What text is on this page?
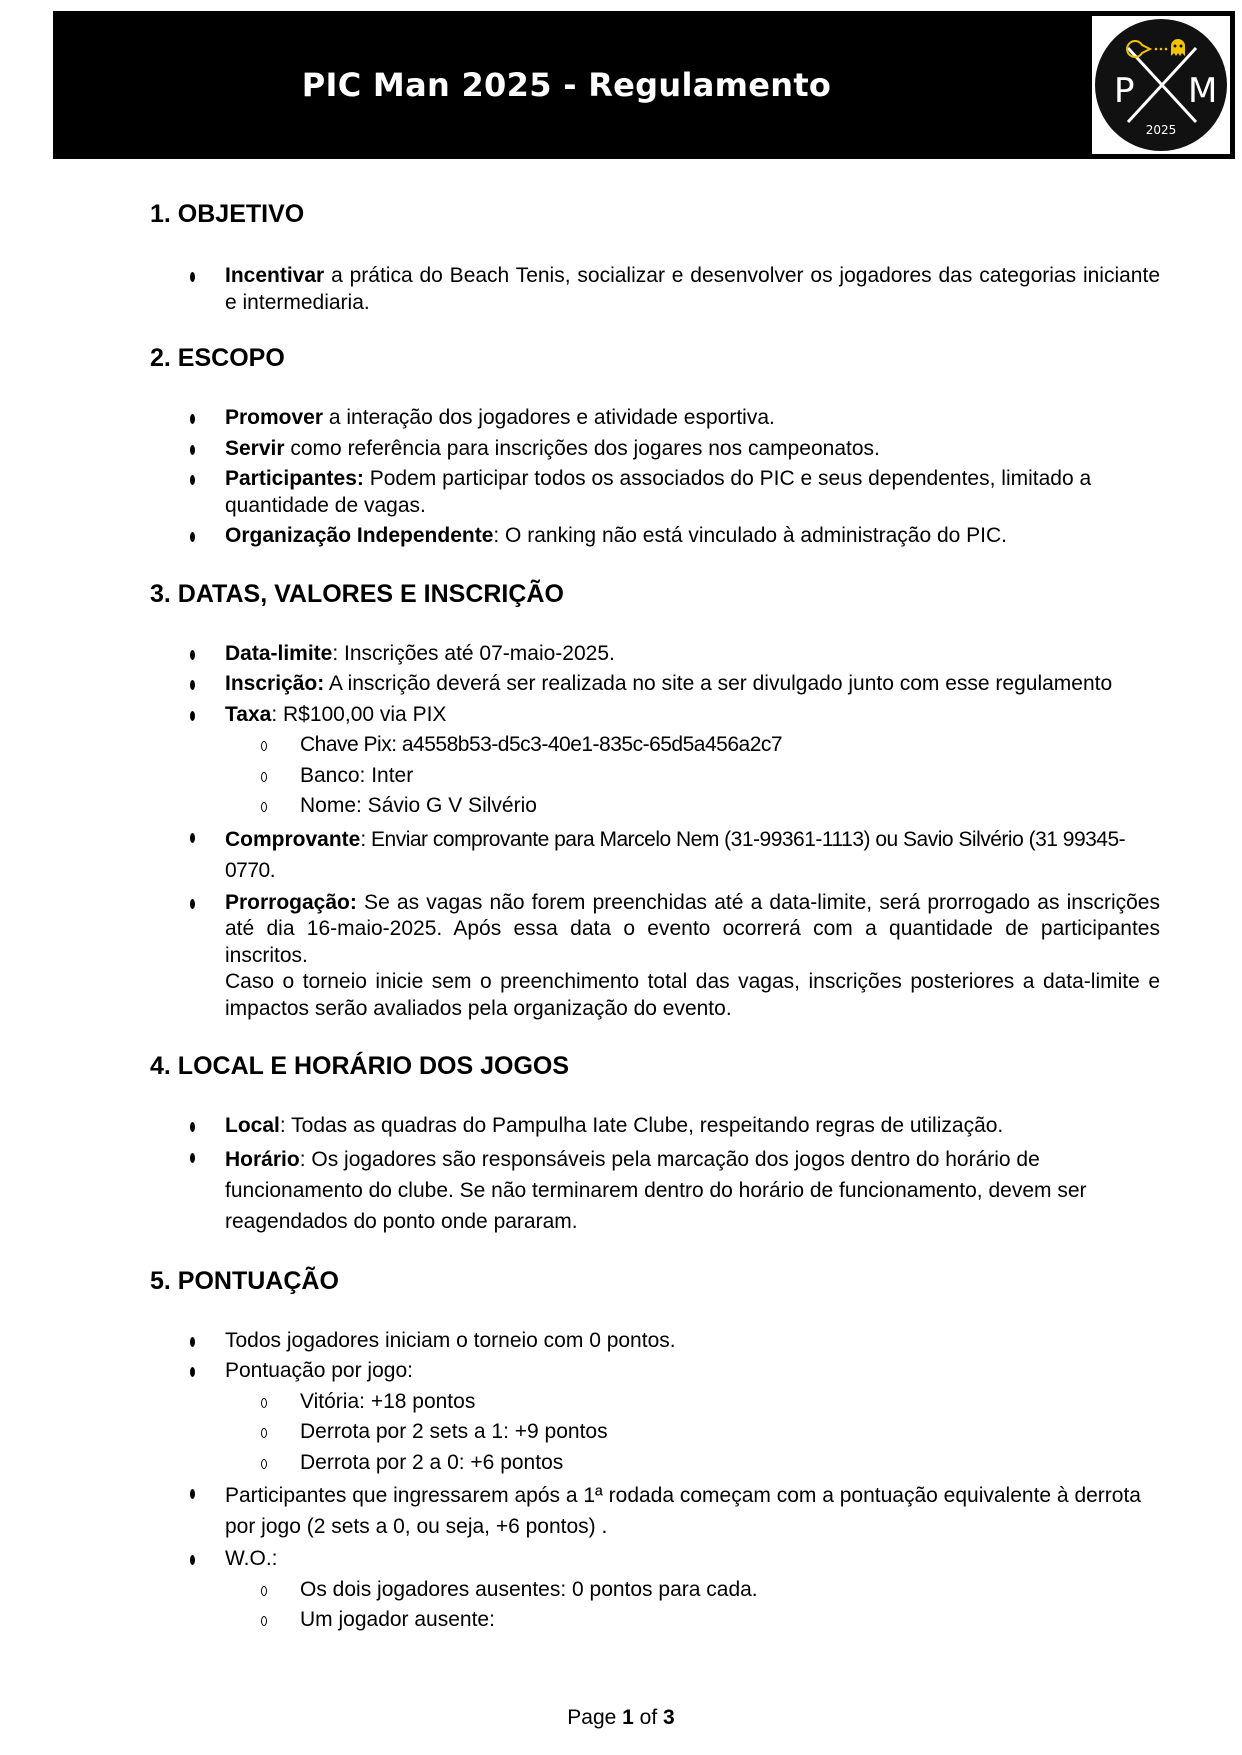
PIC Man 2025 - Regulamento	P M
2025
1. OBJETIVO
Incentivar a prática do Beach Tenis, socializar e desenvolver os jogadores das categorias iniciante e intermediaria.
2. ESCOPO
Promover a interação dos jogadores e atividade esportiva.
Servir como referência para inscrições dos jogares nos campeonatos.
Participantes: Podem participar todos os associados do PIC e seus dependentes, limitado a quantidade de vagas.
Organização Independente: O ranking não está vinculado à administração do PIC.
3. DATAS, VALORES E INSCRIÇÃO
Data-limite: Inscrições até 07-maio-2025.
Inscrição: A inscrição deverá ser realizada no site a ser divulgado junto com esse regulamento
Taxa: R$100,00 via PIX
Chave Pix: a4558b53-d5c3-40e1-835c-65d5a456a2c7
Banco: Inter
Nome: Sávio G V Silvério
Comprovante: Enviar comprovante para Marcelo Nem (31-99361-1113) ou Savio Silvério (31 99345-0770.
Prorrogação: Se as vagas não forem preenchidas até a data-limite, será prorrogado as inscrições até dia 16-maio-2025. Após essa data o evento ocorrerá com a quantidade de participantes inscritos.
Caso o torneio inicie sem o preenchimento total das vagas, inscrições posteriores a data-limite e impactos serão avaliados pela organização do evento.
4. LOCAL E HORÁRIO DOS JOGOS
Local: Todas as quadras do Pampulha Iate Clube, respeitando regras de utilização.
Horário: Os jogadores são responsáveis pela marcação dos jogos dentro do horário de funcionamento do clube. Se não terminarem dentro do horário de funcionamento, devem ser reagendados do ponto onde pararam.
5. PONTUAÇÃO
Todos jogadores iniciam o torneio com 0 pontos.
Pontuação por jogo:
Vitória: +18 pontos
Derrota por 2 sets a 1: +9 pontos
Derrota por 2 a 0: +6 pontos
Participantes que ingressarem após a 1ª rodada começam com a pontuação equivalente à derrota por jogo (2 sets a 0, ou seja, +6 pontos) .
W.O.:
Os dois jogadores ausentes: 0 pontos para cada.
Um jogador ausente:
Page 1 of 3
